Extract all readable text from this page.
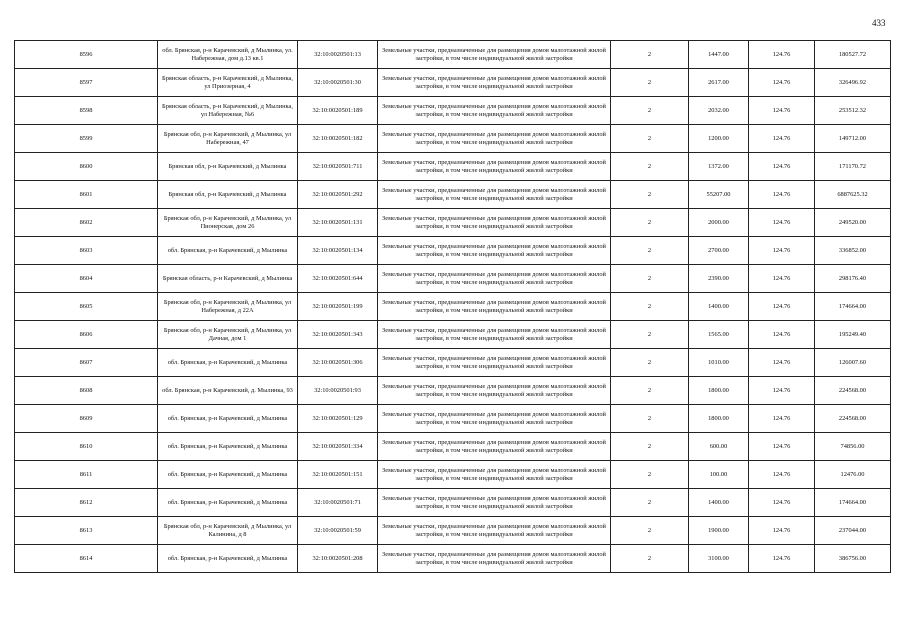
433
8596	обл. Брянская, р-н Карачевский, д Мылинка, ул. Набережная, дом д.13 кв.1	32:10:0020501:13	Земельные участки, предназначенные для размещения домов малоэтажной жилой застройки, в том числе индивидуальной жилой застройки	2	1447.00	124.76	180527.72
8597	Брянская область, р-н Карачевский, д Мылинка, ул Приозерная, 4	32:10:0020501:30	Земельные участки, предназначенные для размещения домов малоэтажной жилой застройки, в том числе индивидуальной жилой застройки	2	2617.00	124.76	326496.92
8598	Брянская область, р-н Карачевский, д Мылинка, ул Набережная, №6	32:10:0020501:189	Земельные участки, предназначенные для размещения домов малоэтажной жилой застройки, в том числе индивидуальной жилой застройки	2	2032.00	124.76	253512.32
8599	Брянская обл, р-н Карачевский, д Мылинка, ул Набережная, 47	32:10:0020501:182	Земельные участки, предназначенные для размещения домов малоэтажной жилой застройки, в том числе индивидуальной жилой застройки	2	1200.00	124.76	149712.00
8600	Брянская обл, р-н Карачевский, д Мылинка	32:10:0020501:711	Земельные участки, предназначенные для размещения домов малоэтажной жилой застройки, в том числе индивидуальной жилой застройки	2	1372.00	124.76	171170.72
8601	Брянская обл, р-н Карачевский, д Мылинка	32:10:0020501:292	Земельные участки, предназначенные для размещения домов малоэтажной жилой застройки, в том числе индивидуальной жилой застройки	2	55207.00	124.76	6887625.32
8602	Брянская обл, р-н Карачевский, д Мылинка, ул Пионерская, дом 26	32:10:0020501:131	Земельные участки, предназначенные для размещения домов малоэтажной жилой застройки, в том числе индивидуальной жилой застройки	2	2000.00	124.76	249520.00
8603	обл. Брянская, р-н Карачевский, д Мылинка	32:10:0020501:134	Земельные участки, предназначенные для размещения домов малоэтажной жилой застройки, в том числе индивидуальной жилой застройки	2	2700.00	124.76	336852.00
8604	Брянская область, р-н Карачевский, д Мылинка	32:10:0020501:644	Земельные участки, предназначенные для размещения домов малоэтажной жилой застройки, в том числе индивидуальной жилой застройки	2	2390.00	124.76	298176.40
8605	Брянская обл, р-н Карачевский, д Мылинка, ул Набережная, д 22А	32:10:0020501:199	Земельные участки, предназначенные для размещения домов малоэтажной жилой застройки, в том числе индивидуальной жилой застройки	2	1400.00	124.76	174664.00
8606	Брянская обл, р-н Карачевский, д Мылинка, ул Дачная, дом 1	32:10:0020501:343	Земельные участки, предназначенные для размещения домов малоэтажной жилой застройки, в том числе индивидуальной жилой застройки	2	1565.00	124.76	195249.40
8607	обл. Брянская, р-н Карачевский, д Мылинка	32:10:0020501:306	Земельные участки, предназначенные для размещения домов малоэтажной жилой застройки, в том числе индивидуальной жилой застройки	2	1010.00	124.76	126007.60
8608	обл. Брянская, р-н Карачевский, д. Мылинка, 93	32:10:0020501:93	Земельные участки, предназначенные для размещения домов малоэтажной жилой застройки, в том числе индивидуальной жилой застройки	2	1800.00	124.76	224568.00
8609	обл. Брянская, р-н Карачевский, д Мылинка	32:10:0020501:129	Земельные участки, предназначенные для размещения домов малоэтажной жилой застройки, в том числе индивидуальной жилой застройки	2	1800.00	124.76	224568.00
8610	обл. Брянская, р-н Карачевский, д Мылинка	32:10:0020501:334	Земельные участки, предназначенные для размещения домов малоэтажной жилой застройки, в том числе индивидуальной жилой застройки	2	600.00	124.76	74856.00
8611	обл. Брянская, р-н Карачевский, д Мылинка	32:10:0020501:151	Земельные участки, предназначенные для размещения домов малоэтажной жилой застройки, в том числе индивидуальной жилой застройки	2	100.00	124.76	12476.00
8612	обл. Брянская, р-н Карачевский, д Мылинка	32:10:0020501:71	Земельные участки, предназначенные для размещения домов малоэтажной жилой застройки, в том числе индивидуальной жилой застройки	2	1400.00	124.76	174664.00
8613	Брянская обл, р-н Карачевский, д Мылинка, ул Калинина, д 8	32:10:0020501:59	Земельные участки, предназначенные для размещения домов малоэтажной жилой застройки, в том числе индивидуальной жилой застройки	2	1900.00	124.76	237044.00
8614	обл. Брянская, р-н Карачевский, д Мылинка	32:10:0020501:208	Земельные участки, предназначенные для размещения домов малоэтажной жилой застройки, в том числе индивидуальной жилой застройки	2	3100.00	124.76	386756.00
